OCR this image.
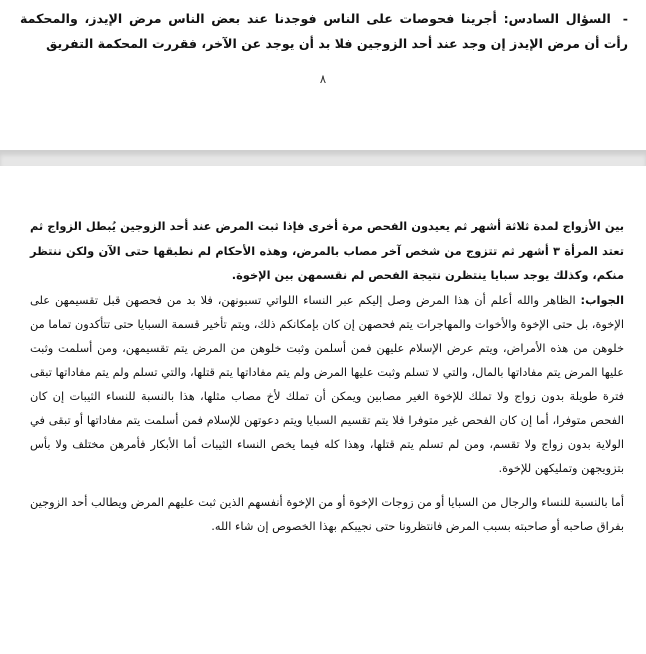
-السؤال السادس: أجرينا فحوصات على الناس فوجدنا عند بعض الناس مرض الإيدز، والمحكمة رأت أن مرض الإيدز إن وجد عند أحد الزوجين فلا بد أن يوجد عن الآخر، فقررت المحكمة التفريق
٨

بين الأزواج لمدة ثلاثة أشهر ثم يعيدون الفحص مرة أخرى فإذا ثبت المرض عند أحد الزوجين يُبطل الزواج ثم تعتد المرأة ٣ أشهر ثم تتزوج من شخص آخر مصاب بالمرض، وهذه الأحكام لم نطبقها حتى الآن ولكن ننتظر منكم، وكذلك يوجد سبايا ينتظرن نتيجة الفحص لم نقسمهن بين الإخوة.

الجواب: الظاهر والله أعلم أن هذا المرض وصل إليكم عبر النساء اللواتي تسبونهن، فلا بد من فحصهن قبل تقسيمهن على الإخوة، بل حتى الإخوة والأخوات والمهاجرات يتم فحصهن إن كان بإمكانكم ذلك، ويتم تأخير قسمة السبايا حتى تتأكدون تماما من خلوهن من هذه الأمراض، ويتم عرض الإسلام عليهن فمن أسلمن وثبت خلوهن من المرض يتم تقسيمهن، ومن أسلمت وثبت عليها المرض يتم مفاداتها بالمال، والتي لا تسلم وثبت عليها المرض ولم يتم مفاداتها يتم قتلها، والتي تسلم ولم يتم مفاداتها تبقى فترة طويلة بدون زواج ولا تملك للإخوة الغير مصابين ويمكن أن تملك لأخ مصاب مثلها، هذا بالنسبة للنساء الثيبات إن كان الفحص متوفرا، أما إن كان الفحص غير متوفرا فلا يتم تقسيم السبايا ويتم دعوتهن للإسلام فمن أسلمت يتم مفاداتها أو تبقى في الولاية بدون زواج ولا تقسم، ومن لم تسلم يتم قتلها، وهذا كله فيما يخص النساء الثيبات أما الأبكار فأمرهن مختلف ولا بأس بتزويجهن وتمليكهن للإخوة.

أما بالنسبة للنساء والرجال من السبايا أو من زوجات الإخوة أو من الإخوة أنفسهم الذين ثبت عليهم المرض ويطالب أحد الزوجين بفراق صاحبه أو صاحبته بسبب المرض فانتظرونا حتى نجيبكم بهذا الخصوص إن شاء الله.
